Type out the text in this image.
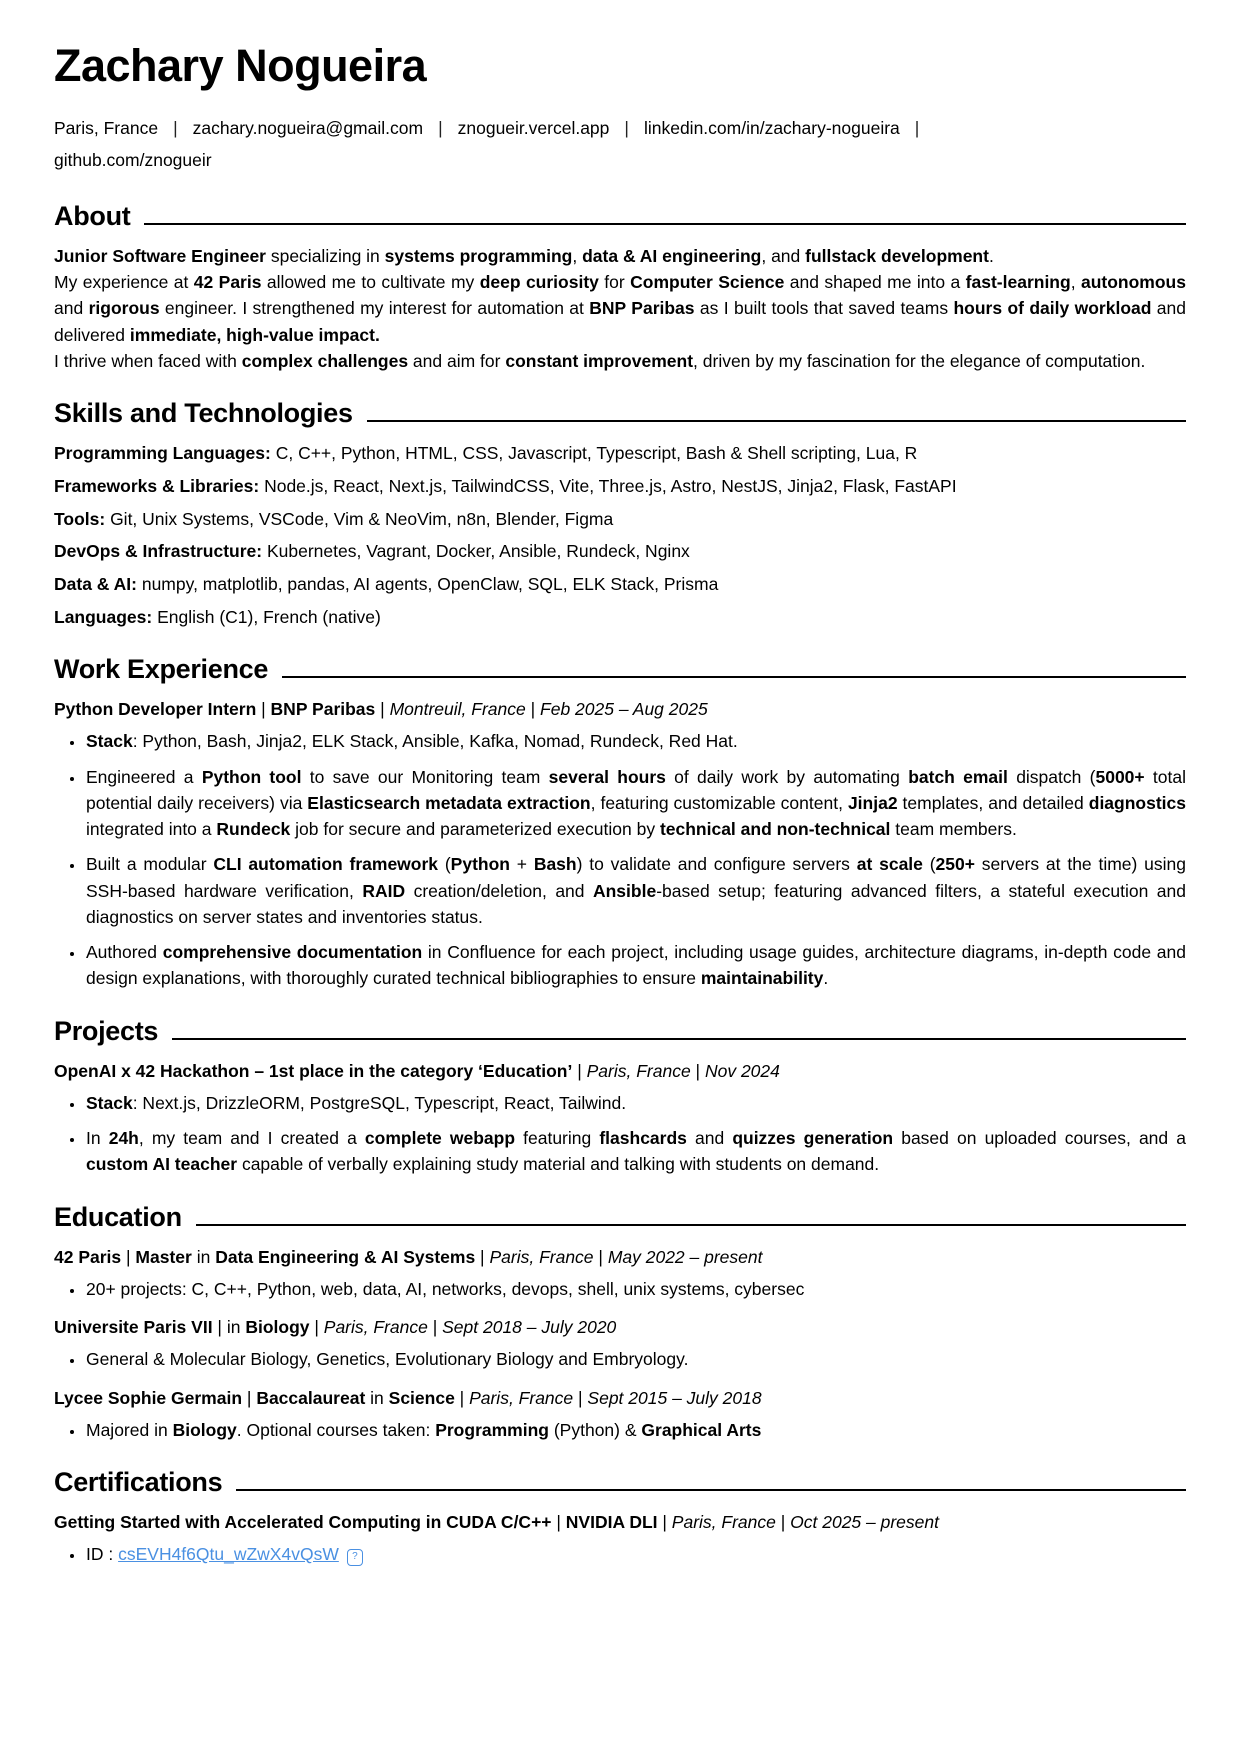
Zachary Nogueira

Paris, France | zachary.nogueira@gmail.com | znogueir.vercel.app | linkedin.com/in/zachary-nogueira |
github.com/znogueir

About

Junior Software Engineer specializing in systems programming, data & AI engineering, and fullstack development.

My experience at 42 Paris allowed me to cultivate my deep curiosity for Computer Science and shaped me into a fast-learning, autonomous and rigorous engineer. I strengthened my interest for automation at BNP Paribas as I built tools that saved teams hours of daily workload and delivered immediate, high-value impact.

I thrive when faced with complex challenges and aim for constant improvement, driven by my fascination for the elegance of computation.

Skills and Technologies

Programming Languages: C, C++, Python, HTML, CSS, Javascript, Typescript, Bash & Shell scripting, Lua, R

Frameworks & Libraries: Node.js, React, Next.js, TailwindCSS, Vite, Three.js, Astro, NestJS, Jinja2, Flask, FastAPI

Tools: Git, Unix Systems, VSCode, Vim & NeoVim, n8n, Blender, Figma

DevOps & Infrastructure: Kubernetes, Vagrant, Docker, Ansible, Rundeck, Nginx

Data & AI: numpy, matplotlib, pandas, AI agents, OpenClaw, SQL, ELK Stack, Prisma

Languages: English (C1), French (native)

Work Experience

Python Developer Intern | BNP Paribas | Montreuil, France | Feb 2025 – Aug 2025

• Stack: Python, Bash, Jinja2, ELK Stack, Ansible, Kafka, Nomad, Rundeck, Red Hat.
• Engineered a Python tool to save our Monitoring team several hours of daily work by automating batch email dispatch (5000+ total potential daily receivers) via Elasticsearch metadata extraction, featuring customizable content, Jinja2 templates, and detailed diagnostics integrated into a Rundeck job for secure and parameterized execution by technical and non-technical team members.
• Built a modular CLI automation framework (Python + Bash) to validate and configure servers at scale (250+ servers at the time) using SSH-based hardware verification, RAID creation/deletion, and Ansible-based setup; featuring advanced filters, a stateful execution and diagnostics on server states and inventories status.
• Authored comprehensive documentation in Confluence for each project, including usage guides, architecture diagrams, in-depth code and design explanations, with thoroughly curated technical bibliographies to ensure maintainability.
Projects

OpenAI x 42 Hackathon – 1st place in the category ‘Education’ | Paris, France | Nov 2024

• Stack: Next.js, DrizzleORM, PostgreSQL, Typescript, React, Tailwind.
• In 24h, my team and I created a complete webapp featuring flashcards and quizzes generation based on uploaded courses, and a custom AI teacher capable of verbally explaining study material and talking with students on demand.
Education

42 Paris | Master in Data Engineering & AI Systems | Paris, France | May 2022 – present

• 20+ projects: C, C++, Python, web, data, AI, networks, devops, shell, unix systems, cybersec

Universite Paris VII | in Biology | Paris, France | Sept 2018 – July 2020

• General & Molecular Biology, Genetics, Evolutionary Biology and Embryology.

Lycee Sophie Germain | Baccalaureat in Science | Paris, France | Sept 2015 – July 2018

• Majored in Biology. Optional courses taken: Programming (Python) & Graphical Arts
Certifications

Getting Started with Accelerated Computing in CUDA C/C++ | NVIDIA DLI | Paris, France | Oct 2025 – present

• ID : csEVH4f6Qtu_wZwX4vQsW ?
